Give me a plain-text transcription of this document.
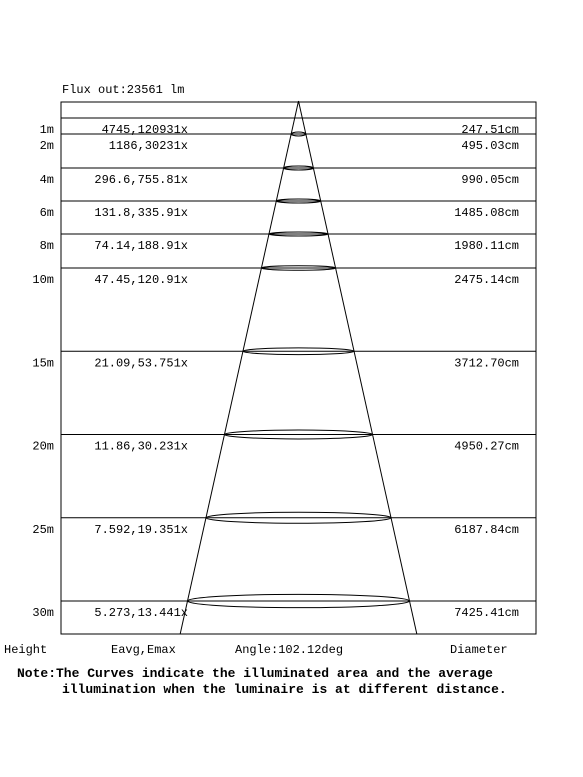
Flux out:23561 lm
1m	4745,120931x	247.51cm
2m	1186,30231x	495.03cm
4m	296.6,755.81x	990.05cm
6m	131.8,335.91x	1485.08cm
8m	74.14,188.91x	1980.11cm
10m	47.45,120.91x	2475.14cm
15m	21.09,53.751x	3712.70cm
20m	11.86,30.231x	4950.27cm
25m	7.592,19.351x	6187.84cm
30m	5.273,13.441x	7425.41cm
Height	Eavg,Emax	Angle:102.12deg	Diameter
Note:The Curves indicate the illuminated area and the average
illumination when the luminaire is at different distance.
